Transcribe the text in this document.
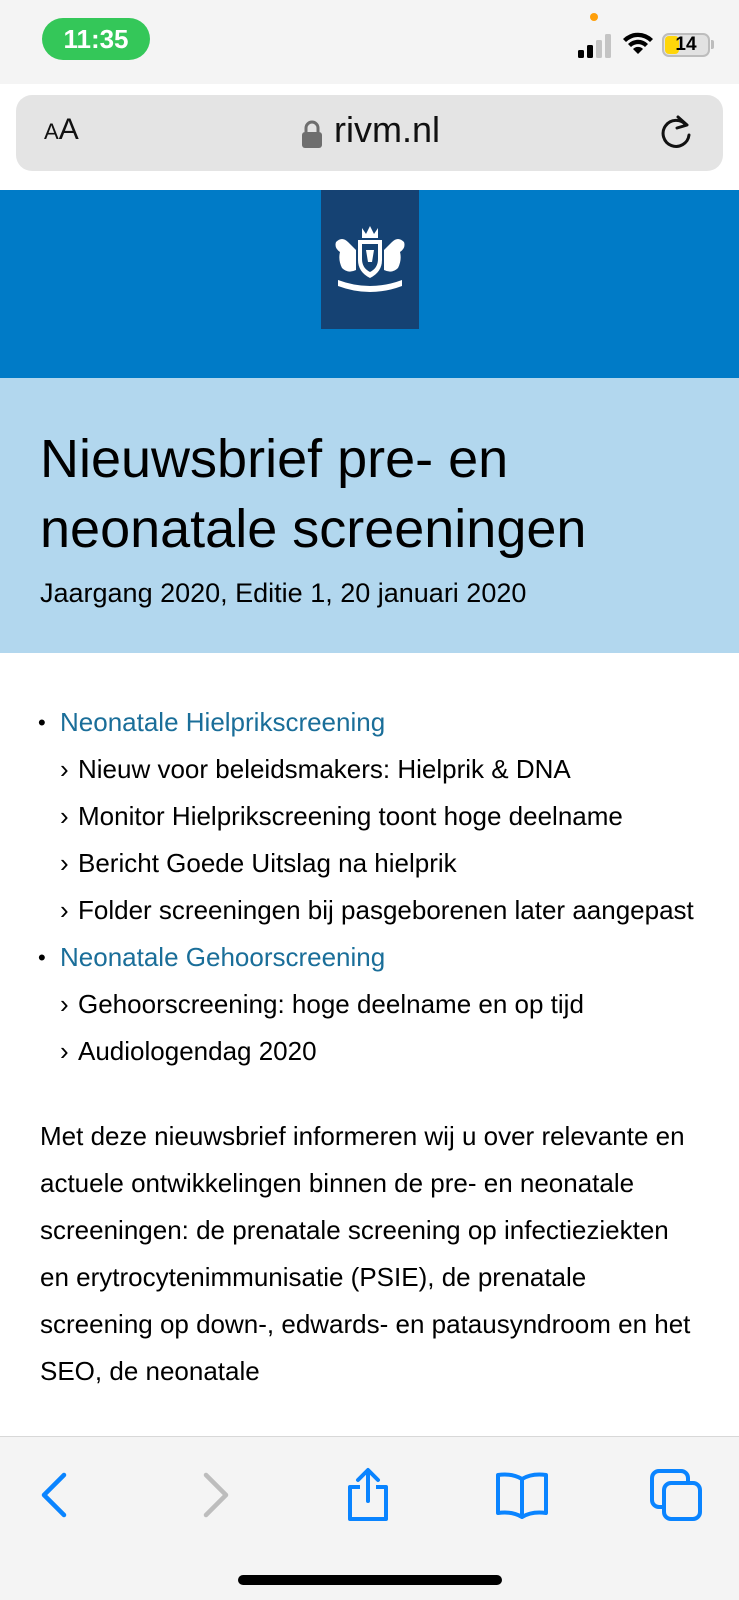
11:35	14
AA	rivm.nl
Nieuwsbrief pre- en neonatale screeningen
Jaargang 2020, Editie 1, 20 januari 2020
• Neonatale Hielprikscreening
› Nieuw voor beleidsmakers: Hielprik & DNA
› Monitor Hielprikscreening toont hoge deelname
› Bericht Goede Uitslag na hielprik
› Folder screeningen bij pasgeborenen later aangepast
• Neonatale Gehoorscreening
› Gehoorscreening: hoge deelname en op tijd
› Audiologendag 2020

Met deze nieuwsbrief informeren wij u over relevante en actuele ontwikkelingen binnen de pre- en neonatale screeningen: de prenatale screening op infectieziekten en erytrocytenimmunisatie (PSIE), de prenatale screening op down-, edwards- en patausyndroom en het SEO, de neonatale
